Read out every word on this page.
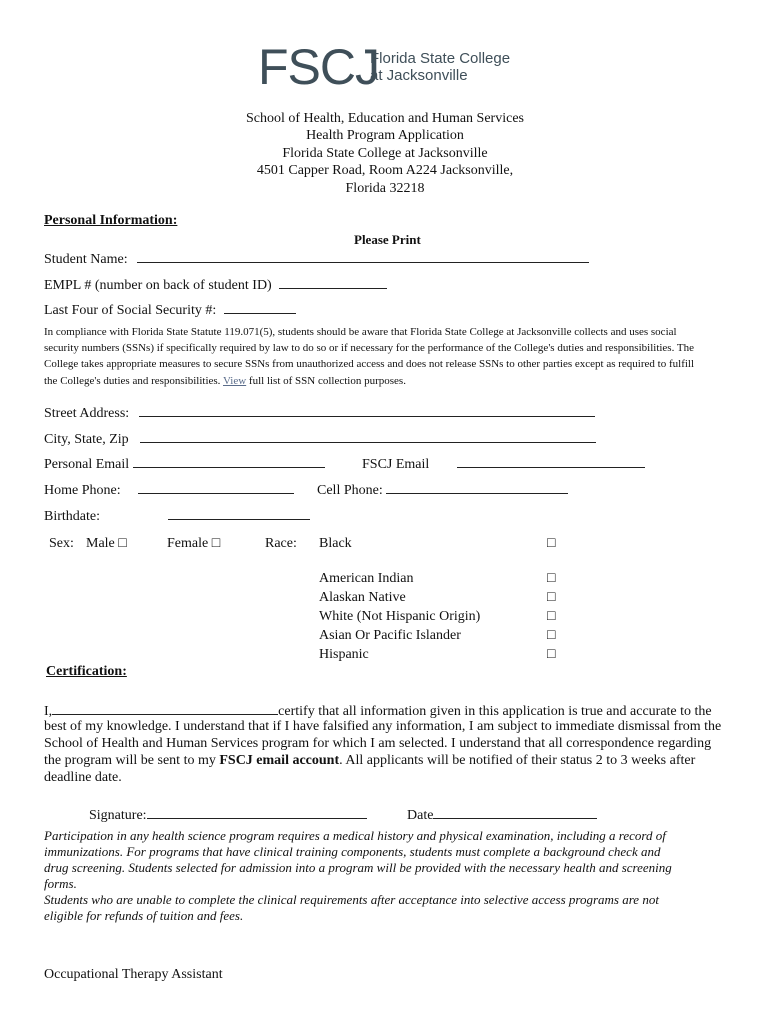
FSCJ
Florida State College
at Jacksonville
School of Health, Education and Human Services
Health Program Application
Florida State College at Jacksonville
4501 Capper Road, Room A224 Jacksonville,
Florida 32218
Personal Information:
Please Print
Student Name:
EMPL # (number on back of student ID)
Last Four of Social Security #:
In compliance with Florida State Statute 119.071(5), students should be aware that Florida State College at Jacksonville collects and uses social
security numbers (SSNs) if specifically required by law to do so or if necessary for the performance of the College's duties and responsibilities. The
College takes appropriate measures to secure SSNs from unauthorized access and does not release SSNs to other parties except as required to fulfill
the College's duties and responsibilities. View full list of SSN collection purposes.
Street Address:
City, State, Zip
Personal Email	FSCJ Email
Home Phone:	Cell Phone:
Birthdate:
Sex: Male □	Female □	Race: Black	□
American Indian	□
Alaskan Native	□
White (Not Hispanic Origin)	□
Asian Or Pacific Islander	□
Hispanic	□
Certification:
I,	certify that all information given in this application is true and accurate to the
best of my knowledge. I understand that if I have falsified any information, I am subject to immediate dismissal from the
School of Health and Human Services program for which I am selected. I understand that all correspondence regarding
the program will be sent to my FSCJ email account. All applicants will be notified of their status 2 to 3 weeks after
deadline date.
Signature:	Date
Participation in any health science program requires a medical history and physical examination, including a record of
immunizations. For programs that have clinical training components, students must complete a background check and
drug screening. Students selected for admission into a program will be provided with the necessary health and screening
forms.
Students who are unable to complete the clinical requirements after acceptance into selective access programs are not
eligible for refunds of tuition and fees.
Occupational Therapy Assistant
